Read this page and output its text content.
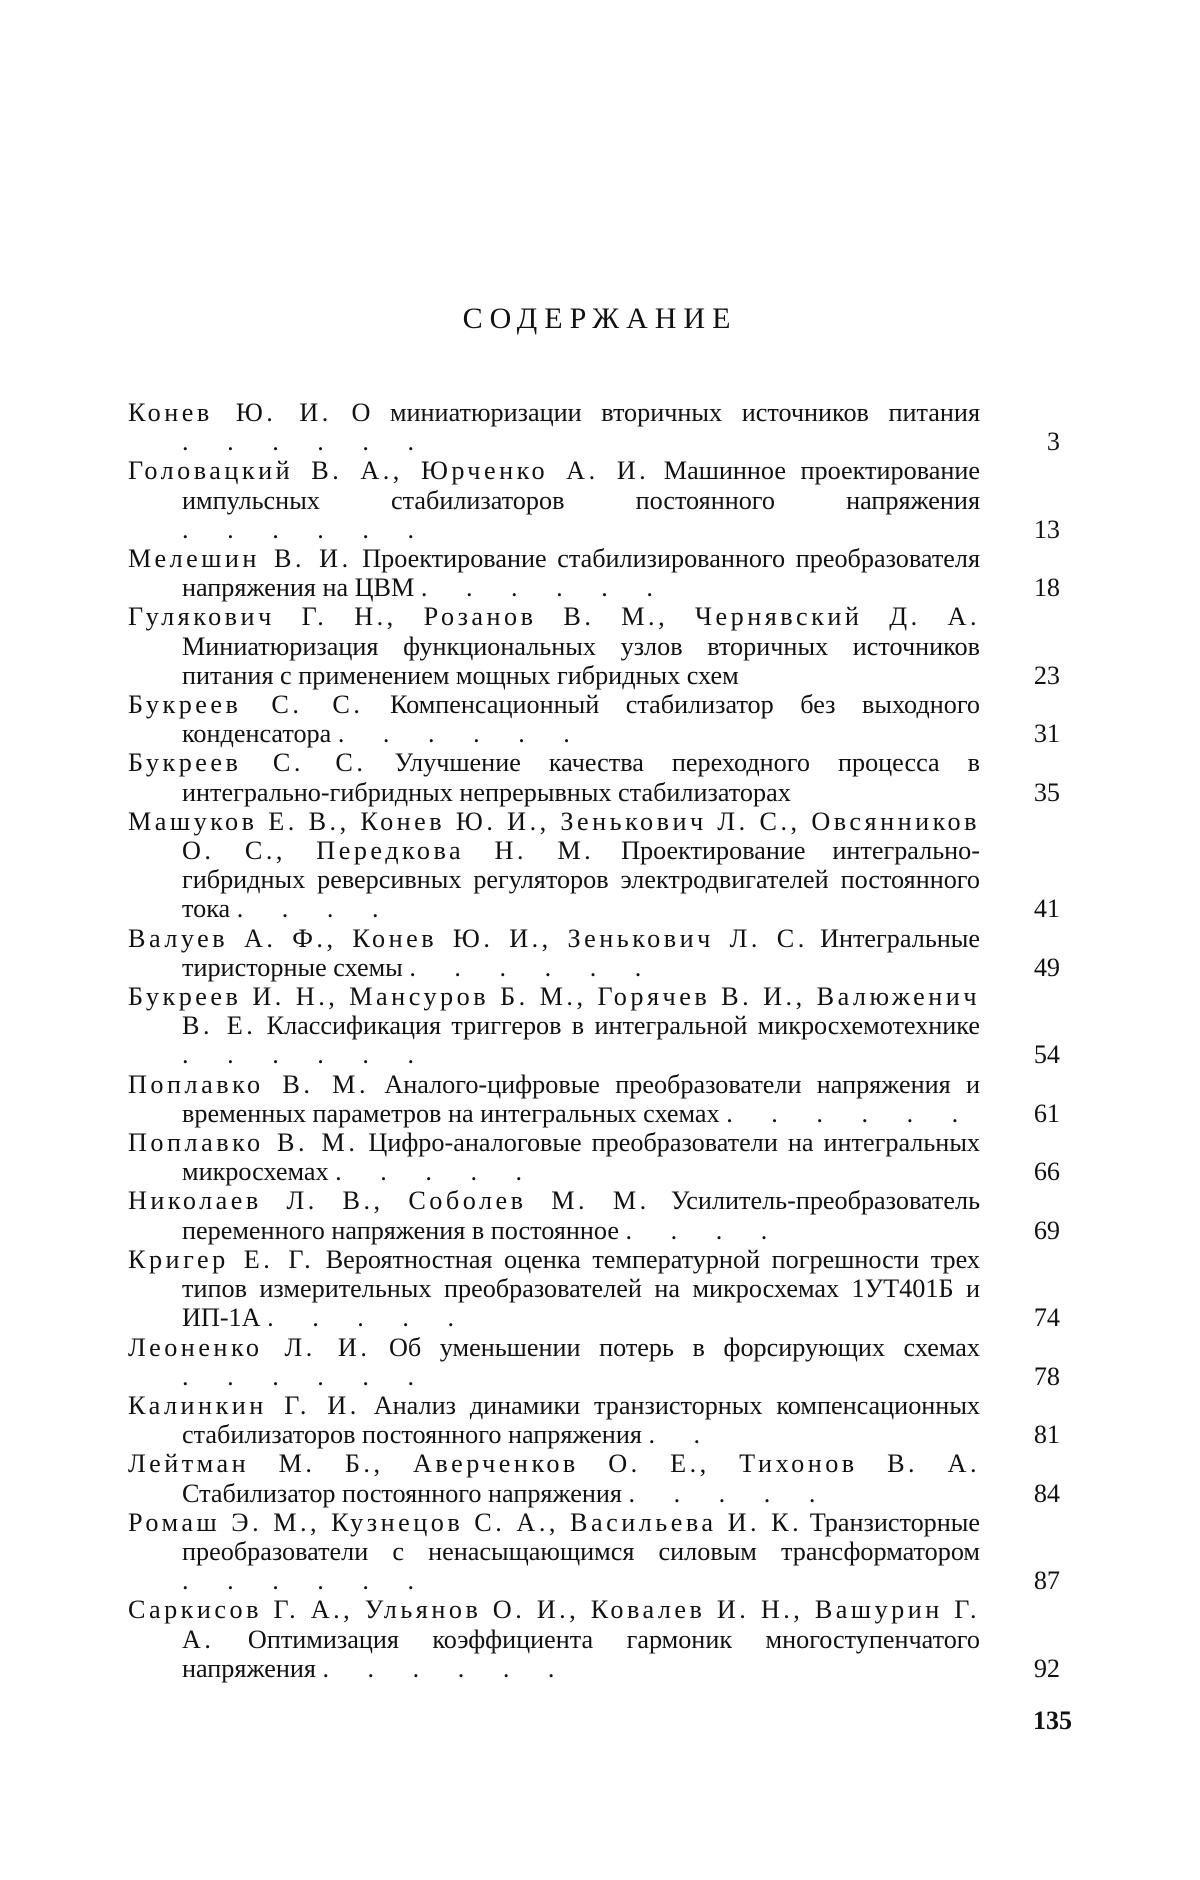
СОДЕРЖАНИЕ
Конев Ю. И. О миниатюризации вторичных источников питания . . . . . .	3
Головацкий В. А., Юрченко А. И. Машинное проектирование импульсных стабилизаторов постоянного напряжения . . . . . .	13
Мелешин В. И. Проектирование стабилизированного преобразователя напряжения на ЦВМ . . . . . .	18
Гулякович Г. Н., Розанов В. М., Чернявский Д. А. Миниатюризация функциональных узлов вторичных источников питания с применением мощных гибридных схем	23
Букреев С. С. Компенсационный стабилизатор без выходного конденсатора . . . . . .	31
Букреев С. С. Улучшение качества переходного процесса в интегрально-гибридных непрерывных стабилизаторах	35
Машуков Е. В., Конев Ю. И., Зенькович Л. С., Овсянников О. С., Передкова Н. М. Проектирование интегрально-гибридных реверсивных регуляторов электродвигателей постоянного тока . . . .	41
Валуев А. Ф., Конев Ю. И., Зенькович Л. С. Интегральные тиристорные схемы . . . . . .	49
Букреев И. Н., Мансуров Б. М., Горячев В. И., Валюженич В. Е. Классификация триггеров в интегральной микросхемотехнике . . . . . .	54
Поплавко В. М. Аналого-цифровые преобразователи напряжения и временных параметров на интегральных схемах . . . . . .	61
Поплавко В. М. Цифро-аналоговые преобразователи на интегральных микросхемах . . . . .	66
Николаев Л. В., Соболев М. М. Усилитель-преобразователь переменного напряжения в постоянное . . . .	69
Кригер Е. Г. Вероятностная оценка температурной погрешности трех типов измерительных преобразователей на микросхемах 1УТ401Б и ИП-1А . . . . .	74
Леоненко Л. И. Об уменьшении потерь в форсирующих схемах . . . . . .	78
Калинкин Г. И. Анализ динамики транзисторных компенсационных стабилизаторов постоянного напряжения . .	81
Лейтман М. Б., Аверченков О. Е., Тихонов В. А. Стабилизатор постоянного напряжения . . . . .	84
Ромаш Э. М., Кузнецов С. А., Васильева И. К. Транзисторные преобразователи с ненасыщающимся силовым трансформатором . . . . . .	87
Саркисов Г. А., Ульянов О. И., Ковалев И. Н., Вашурин Г. А. Оптимизация коэффициента гармоник многоступенчатого напряжения . . . . . .	92
135
